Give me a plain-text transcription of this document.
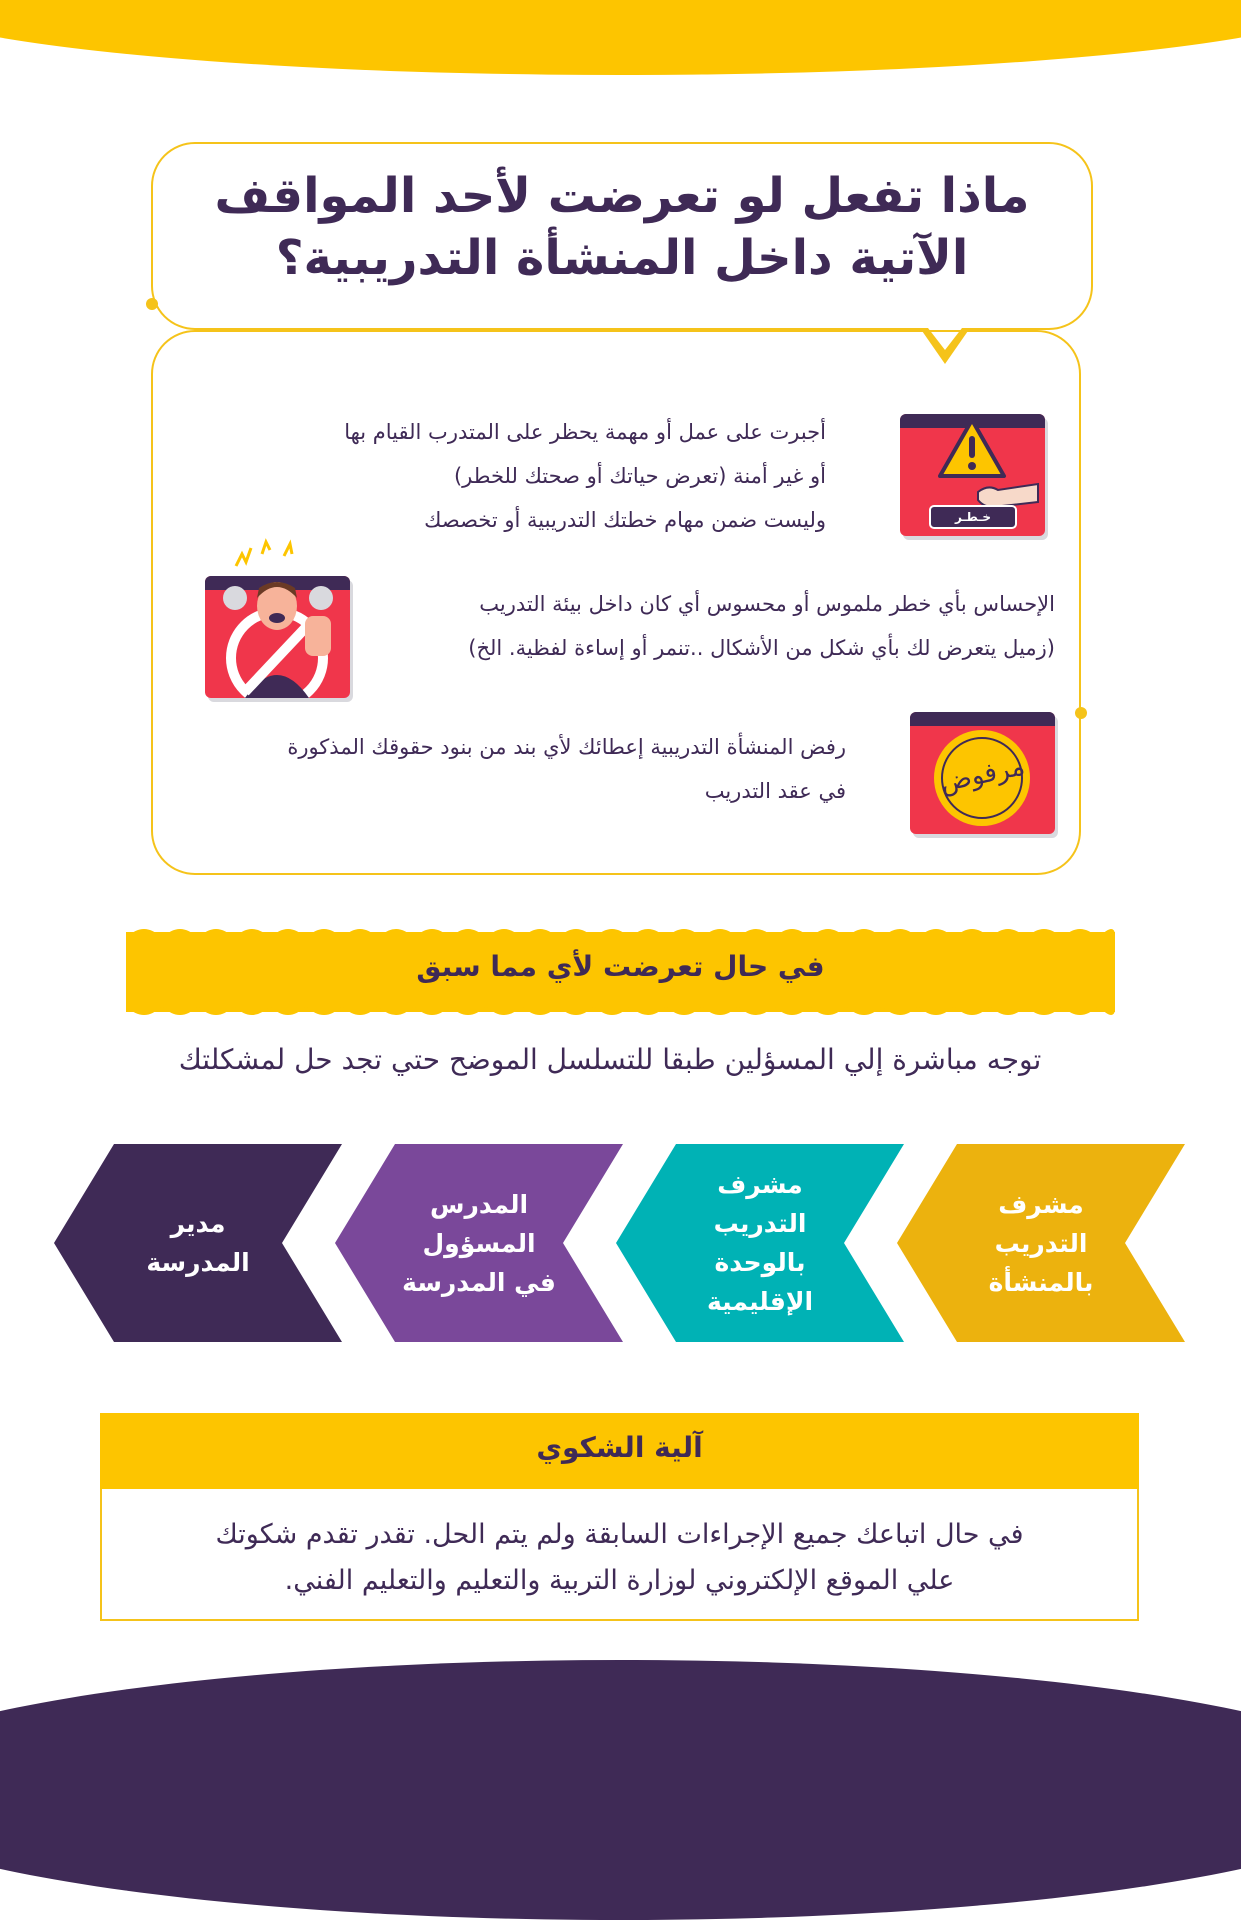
ماذا تفعل لو تعرضت لأحد المواقف
الآتية داخل المنشأة التدريبية؟
أجبرت على عمل أو مهمة يحظر على المتدرب القيام بها
أو غير أمنة (تعرض حياتك أو صحتك للخطر)
وليست ضمن مهام خطتك التدريبية أو تخصصك	خـطـر
الإحساس بأي خطر ملموس أو محسوس أي كان داخل بيئة التدريب
(زميل يتعرض لك بأي شكل من الأشكال ..تنمر أو إساءة لفظية. الخ)
رفض المنشأة التدريبية إعطائك لأي بند من بنود حقوقك المذكورة
في عقد التدريب	مرفوض
في حال تعرضت لأي مما سبق
توجه مباشرة إلي المسؤلين طبقا للتسلسل الموضح حتي تجد حل لمشكلتك
مشرف
التدريب
بالمنشأة
مشرف
التدريب
بالوحدة
الإقليمية
المدرس
المسؤول
في المدرسة
مدير
المدرسة
آلية الشكوي
في حال اتباعك جميع الإجراءات السابقة ولم يتم الحل. تقدر تقدم شكوتك
علي الموقع الإلكتروني لوزارة التربية والتعليم والتعليم الفني.
